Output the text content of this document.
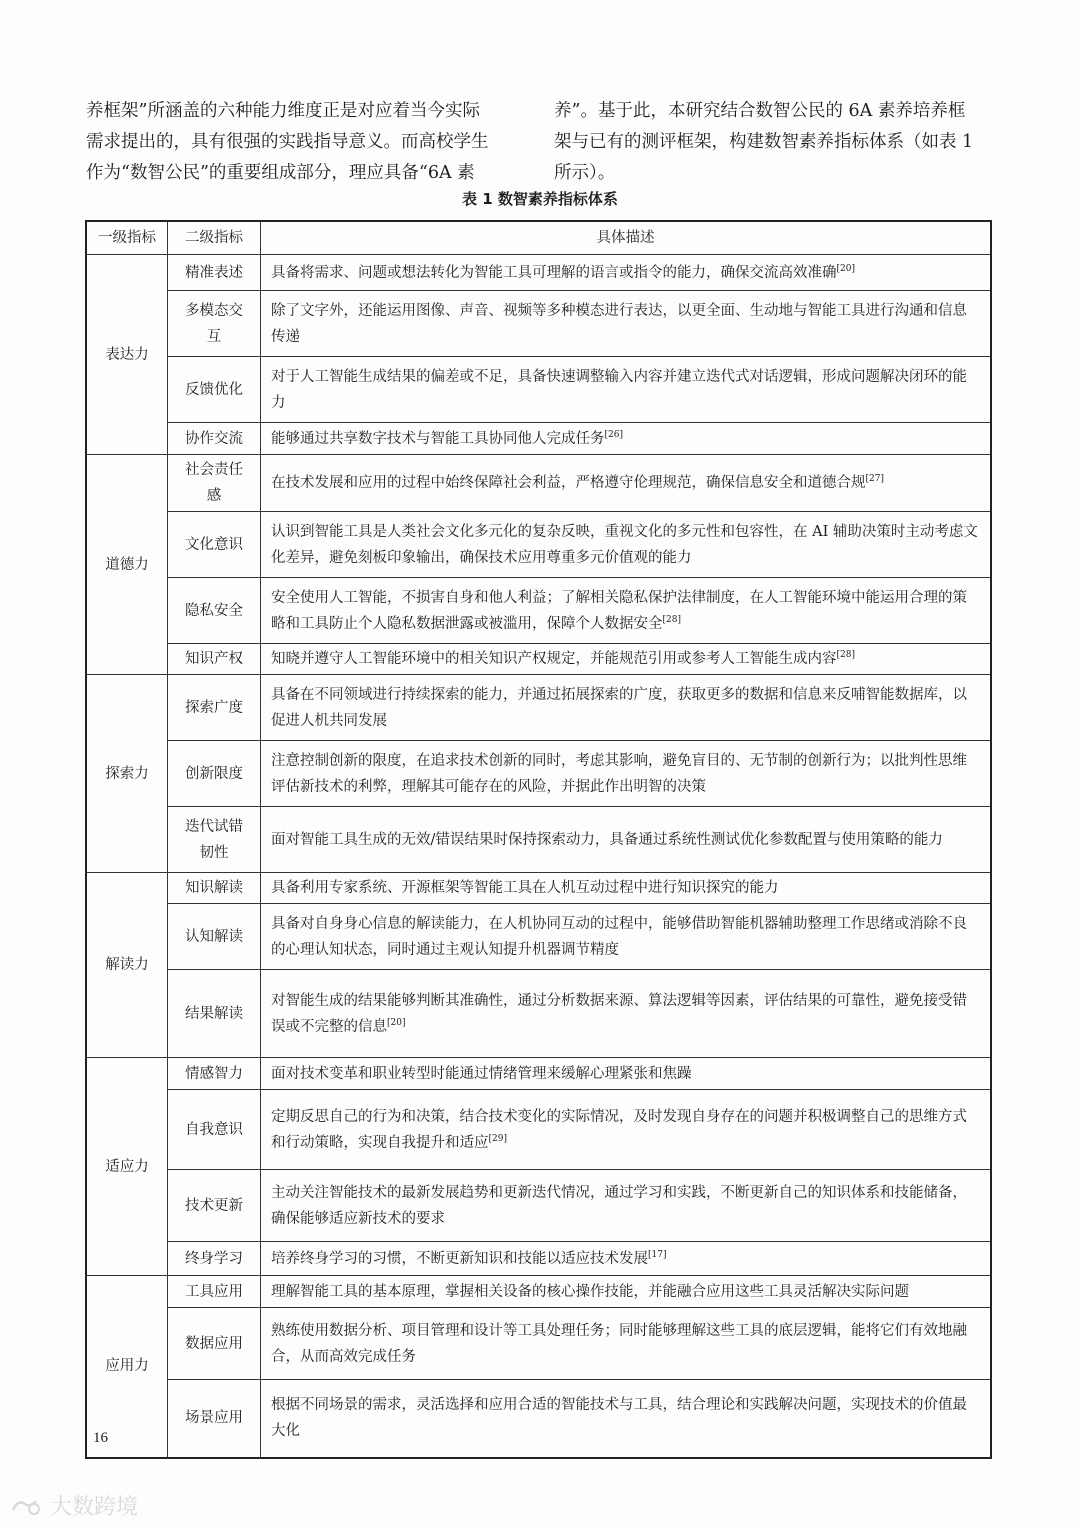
养框架”所涵盖的六种能力维度正是对应着当今实际

需求提出的，具有很强的实践指导意义。而高校学生

作为“数智公民”的重要组成部分，理应具备“6A 素

养”。基于此，本研究结合数智公民的 6A 素养培养框

架与已有的测评框架，构建数智素养指标体系（如表 1

所示）。

表 1 数智素养指标体系
一级指标	二级指标	具体描述
表达力	精准表述	具备将需求、问题或想法转化为智能工具可理解的语言或指令的能力，确保交流高效准确[20]
	多模态交互	除了文字外，还能运用图像、声音、视频等多种模态进行表达，以更全面、生动地与智能工具进行沟通和信息传递
	反馈优化	对于人工智能生成结果的偏差或不足，具备快速调整输入内容并建立迭代式对话逻辑，形成问题解决闭环的能力
	协作交流	能够通过共享数字技术与智能工具协同他人完成任务[26]
道德力	社会责任感	在技术发展和应用的过程中始终保障社会利益，严格遵守伦理规范，确保信息安全和道德合规[27]
	文化意识	认识到智能工具是人类社会文化多元化的复杂反映，重视文化的多元性和包容性，在 AI 辅助决策时主动考虑文化差异，避免刻板印象输出，确保技术应用尊重多元价值观的能力
	隐私安全	安全使用人工智能，不损害自身和他人利益；了解相关隐私保护法律制度，在人工智能环境中能运用合理的策略和工具防止个人隐私数据泄露或被滥用，保障个人数据安全[28]
	知识产权	知晓并遵守人工智能环境中的相关知识产权规定，并能规范引用或参考人工智能生成内容[28]
探索力	探索广度	具备在不同领域进行持续探索的能力，并通过拓展探索的广度，获取更多的数据和信息来反哺智能数据库，以促进人机共同发展
	创新限度	注意控制创新的限度，在追求技术创新的同时，考虑其影响，避免盲目的、无节制的创新行为；以批判性思维评估新技术的利弊，理解其可能存在的风险，并据此作出明智的决策
	迭代试错韧性	面对智能工具生成的无效/错误结果时保持探索动力，具备通过系统性测试优化参数配置与使用策略的能力
解读力	知识解读	具备利用专家系统、开源框架等智能工具在人机互动过程中进行知识探究的能力
	认知解读	具备对自身身心信息的解读能力，在人机协同互动的过程中，能够借助智能机器辅助整理工作思绪或消除不良的心理认知状态，同时通过主观认知提升机器调节精度
	结果解读	对智能生成的结果能够判断其准确性，通过分析数据来源、算法逻辑等因素，评估结果的可靠性，避免接受错误或不完整的信息[20]
适应力	情感智力	面对技术变革和职业转型时能通过情绪管理来缓解心理紧张和焦躁
	自我意识	定期反思自己的行为和决策，结合技术变化的实际情况，及时发现自身存在的问题并积极调整自己的思维方式和行动策略，实现自我提升和适应[29]
	技术更新	主动关注智能技术的最新发展趋势和更新迭代情况，通过学习和实践，不断更新自己的知识体系和技能储备，确保能够适应新技术的要求
	终身学习	培养终身学习的习惯，不断更新知识和技能以适应技术发展[17]
应用力	工具应用	理解智能工具的基本原理，掌握相关设备的核心操作技能，并能融合应用这些工具灵活解决实际问题
	数据应用	熟练使用数据分析、项目管理和设计等工具处理任务；同时能够理解这些工具的底层逻辑，能将它们有效地融合，从而高效完成任务
	场景应用	根据不同场景的需求，灵活选择和应用合适的智能技术与工具，结合理论和实践解决问题，实现技术的价值最大化
16
大数跨境
